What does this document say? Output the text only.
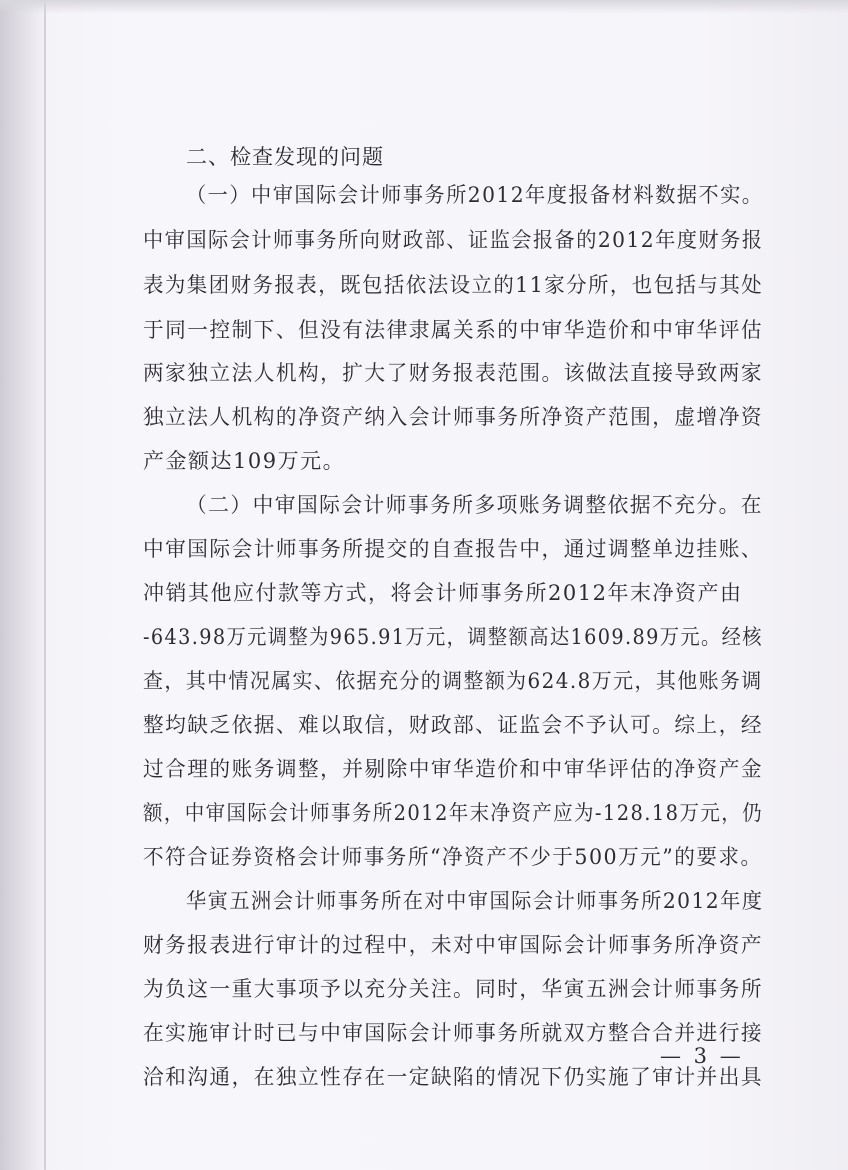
二、检查发现的问题
（一）中审国际会计师事务所2012年度报备材料数据不实。
中审国际会计师事务所向财政部、证监会报备的2012年度财务报
表为集团财务报表，既包括依法设立的11家分所，也包括与其处
于同一控制下、但没有法律隶属关系的中审华造价和中审华评估
两家独立法人机构，扩大了财务报表范围。该做法直接导致两家
独立法人机构的净资产纳入会计师事务所净资产范围，虚增净资
产金额达109万元。
（二）中审国际会计师事务所多项账务调整依据不充分。在
中审国际会计师事务所提交的自查报告中，通过调整单边挂账、
冲销其他应付款等方式，将会计师事务所2012年末净资产由
-643.98万元调整为965.91万元，调整额高达1609.89万元。经核
查，其中情况属实、依据充分的调整额为624.8万元，其他账务调
整均缺乏依据、难以取信，财政部、证监会不予认可。综上，经
过合理的账务调整，并剔除中审华造价和中审华评估的净资产金
额，中审国际会计师事务所2012年末净资产应为-128.18万元，仍
不符合证券资格会计师事务所“净资产不少于500万元”的要求。
华寅五洲会计师事务所在对中审国际会计师事务所2012年度
财务报表进行审计的过程中，未对中审国际会计师事务所净资产
为负这一重大事项予以充分关注。同时，华寅五洲会计师事务所
在实施审计时已与中审国际会计师事务所就双方整合合并进行接
洽和沟通，在独立性存在一定缺陷的情况下仍实施了审计并出具
— 3 —
